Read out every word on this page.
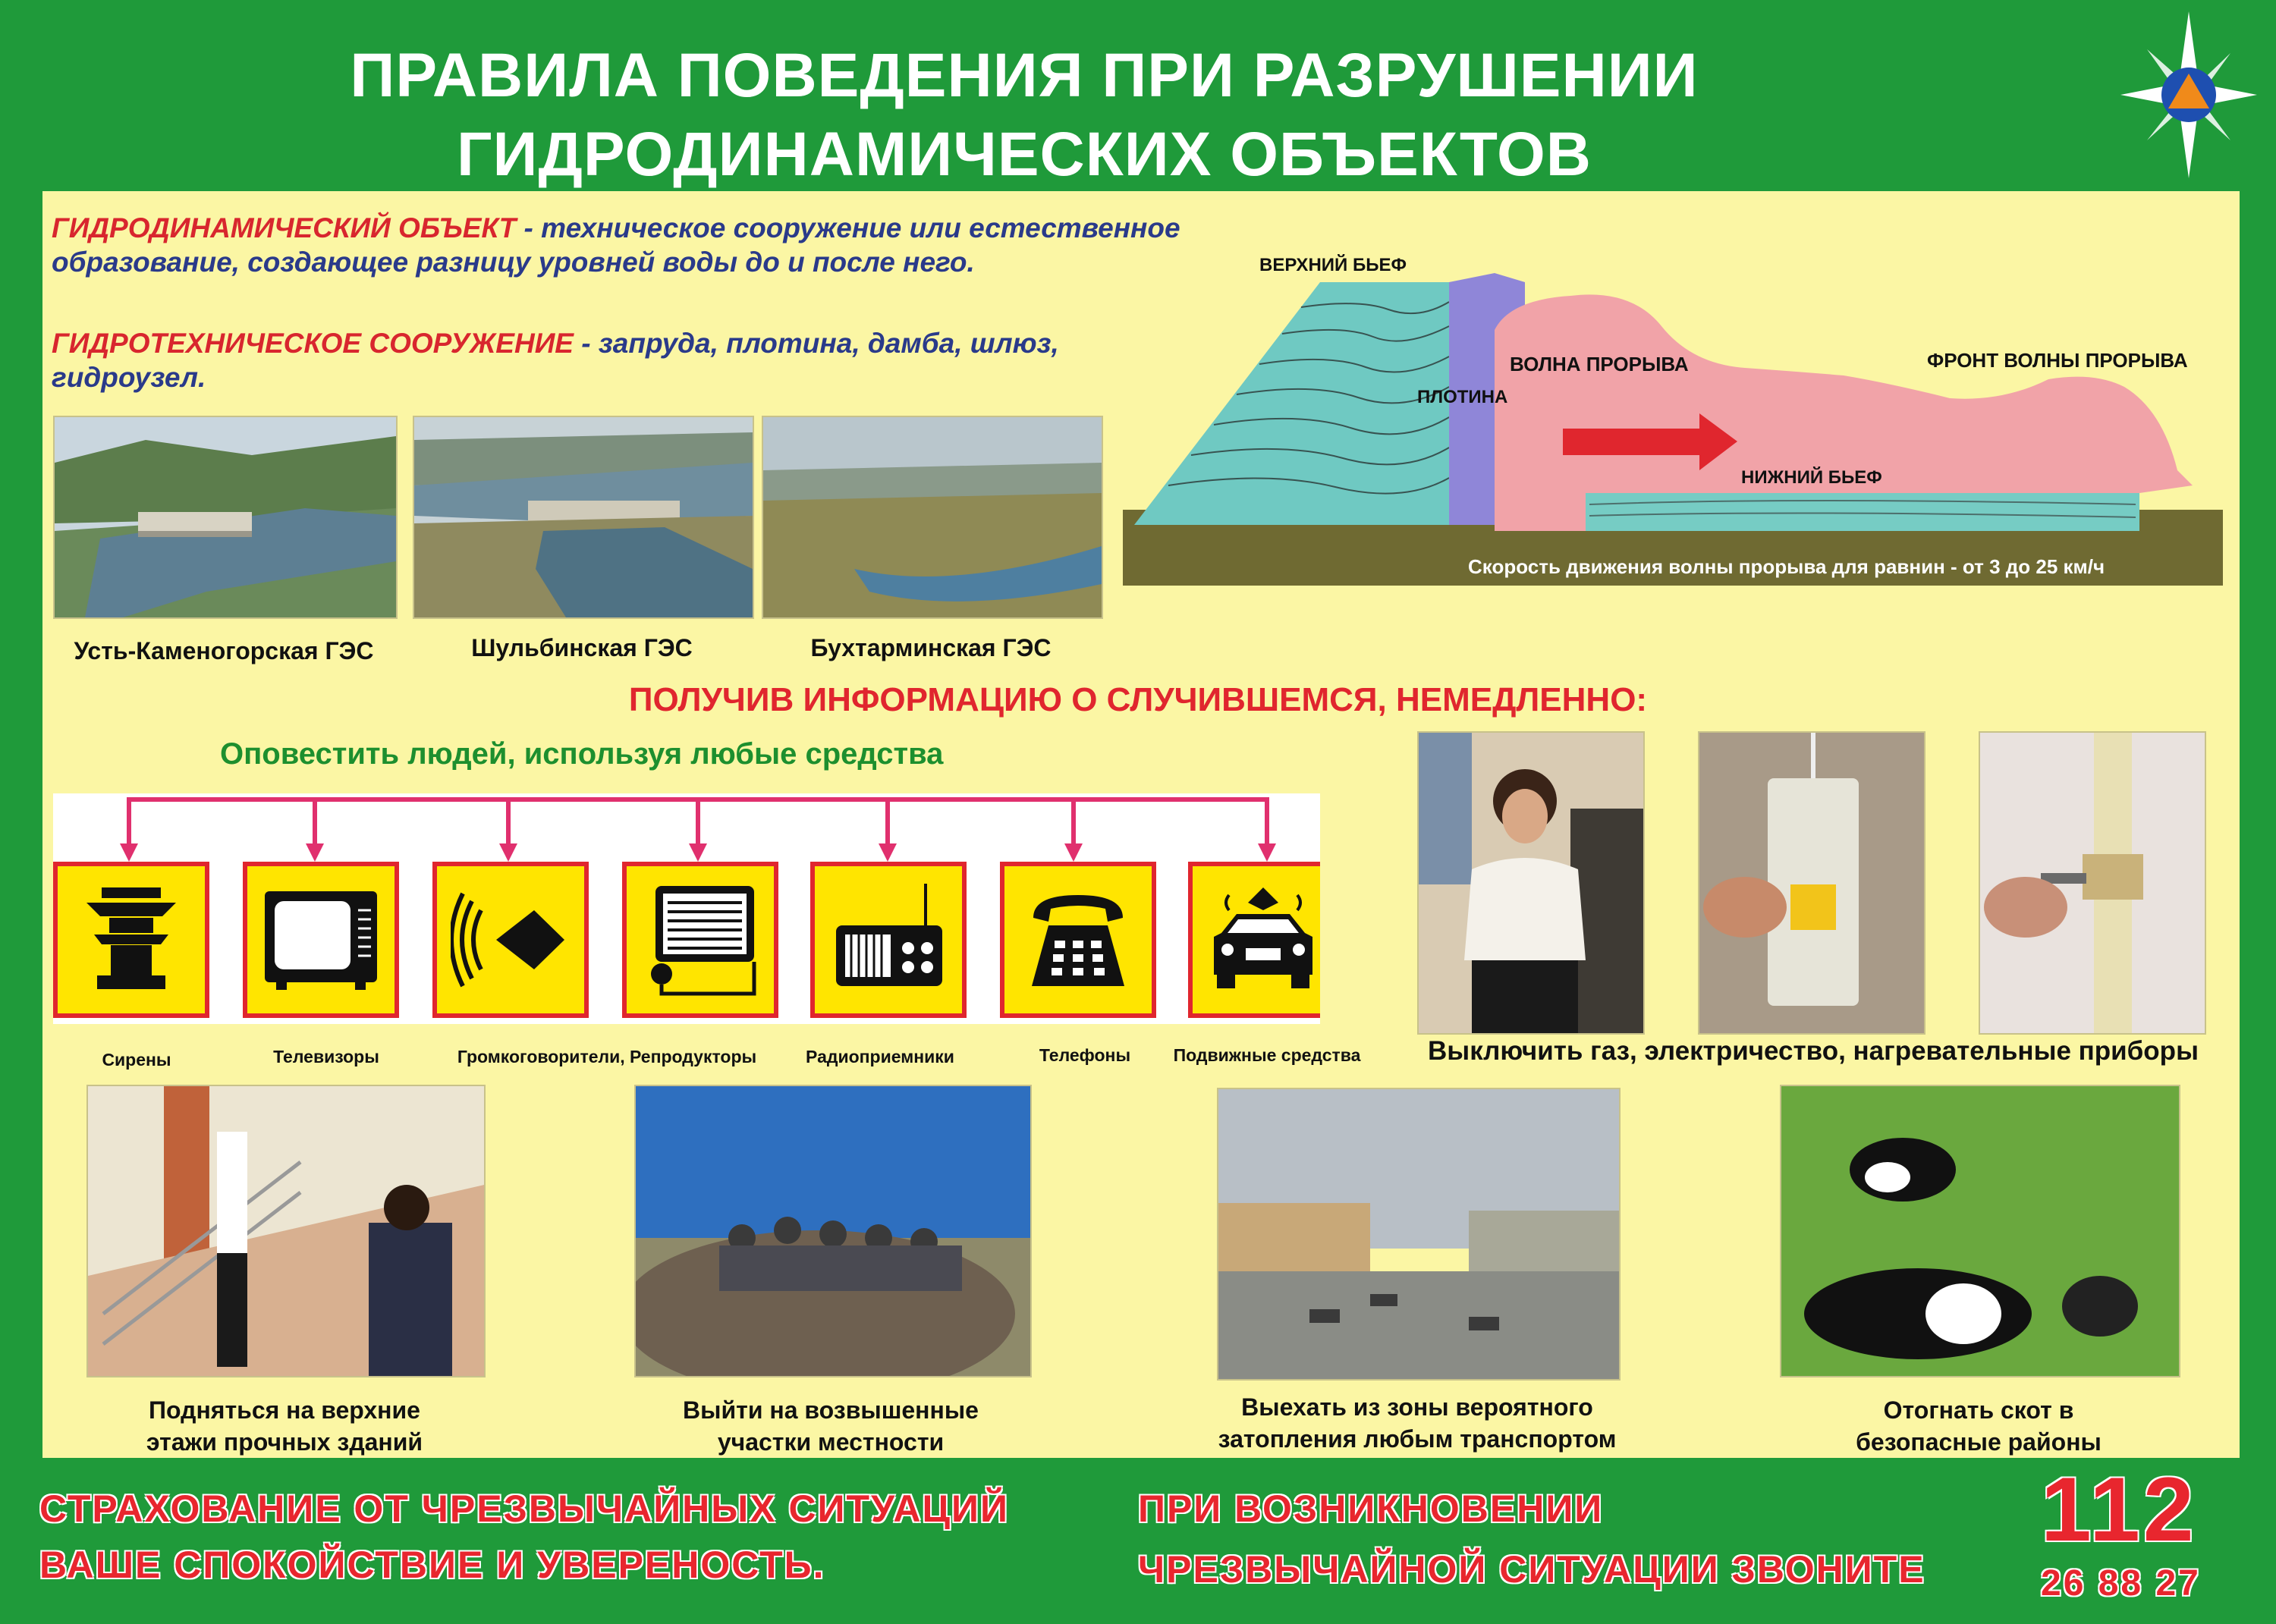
ПРАВИЛА ПОВЕДЕНИЯ ПРИ РАЗРУШЕНИИ
ГИДРОДИНАМИЧЕСКИХ ОБЪЕКТОВ
ГИДРОДИНАМИЧЕСКИЙ ОБЪЕКТ - техническое сооружение или естественное образование, создающее разницу уровней воды до и после него.
ГИДРОТЕХНИЧЕСКОЕ СООРУЖЕНИЕ - запруда, плотина, дамба, шлюз, гидроузел.
Усть-Каменогорская ГЭС	Шульбинская ГЭС	Бухтарминская ГЭС
ВЕРХНИЙ БЬЕФ
ПЛОТИНА
ВОЛНА ПРОРЫВА	ФРОНТ ВОЛНЫ ПРОРЫВА
НИЖНИЙ БЬЕФ
Скорость движения волны прорыва для равнин - от 3 до 25 км/ч
ПОЛУЧИВ ИНФОРМАЦИЮ О СЛУЧИВШЕМСЯ, НЕМЕДЛЕННО:
Оповестить людей, используя любые средства
Сирены	Телевизоры	Громкоговорители, Репродукторы	Радиоприемники	Телефоны	Подвижные средства	Выключить газ, электричество, нагревательные приборы
Подняться на верхние
этажи прочных зданий
Выйти на возвышенные
участки местности
Выехать из зоны вероятного
затопления любым транспортом
Отогнать скот в
безопасные районы
СТРАХОВАНИЕ ОТ ЧРЕЗВЫЧАЙНЫХ СИТУАЦИЙ
ВАШЕ СПОКОЙСТВИЕ И УВЕРЕНОСТЬ.
ПРИ ВОЗНИКНОВЕНИИ
ЧРЕЗВЫЧАЙНОЙ СИТУАЦИИ ЗВОНИТЕ
112
26 88 27
